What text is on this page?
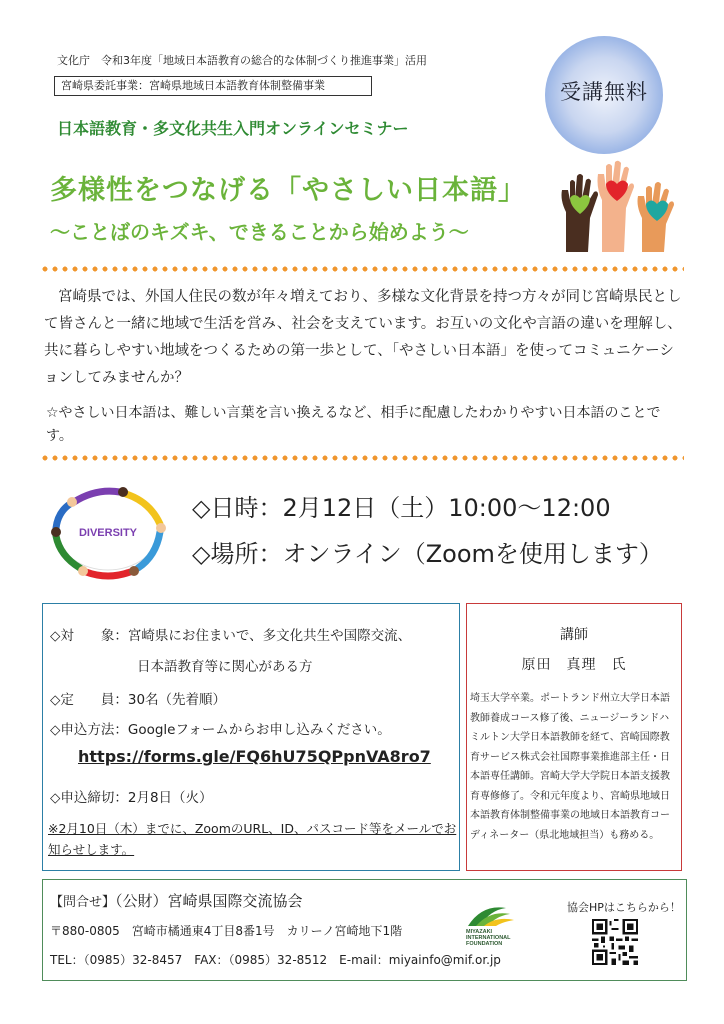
文化庁　令和3年度「地域日本語教育の総合的な体制づくり推進事業」活用
宮崎県委託事業：宮崎県地域日本語教育体制整備事業	受講無料
日本語教育・多文化共生入門オンラインセミナー
多様性をつなげる「やさしい日本語」
～ことばのキズキ、できることから始めよう～
宮崎県では、外国人住民の数が年々増えており、多様な文化背景を持つ方々が同じ宮崎県民として皆さんと一緒に地域で生活を営み、社会を支えています。お互いの文化や言語の違いを理解し、共に暮らしやすい地域をつくるための第一歩として、「やさしい日本語」を使ってコミュニケーションしてみませんか？
☆やさしい日本語は、難しい言葉を言い換えるなど、相手に配慮したわかりやすい日本語のことです。
DIVERSITY
◇日時：2月12日（土）10:00～12:00
◇場所：オンライン（Zoomを使用します）
◇対　　象：宮崎県にお住まいで、多文化共生や国際交流、
日本語教育等に関心がある方
◇定　　員：30名（先着順）
◇申込方法：Googleフォームからお申し込みください。
https://forms.gle/FQ6hU75QPpnVA8ro7
◇申込締切：2月8日（火）
※2月10日（木）までに、ZoomのURL、ID、パスコード等をメールでお知らせします。
講師
原田　真理　氏
埼玉大学卒業。ポートランド州立大学日本語教師養成コース修了後、ニュージーランドハミルトン大学日本語教師を経て、宮崎国際教育サービス株式会社国際事業推進部主任・日本語専任講師。宮崎大学大学院日本語支援教育専修修了。令和元年度より、宮崎県地域日本語教育体制整備事業の地域日本語教育コーディネーター（県北地域担当）も務める。
【問合せ】（公財）宮崎県国際交流協会
〒880-0805　宮崎市橘通東4丁目8番1号　カリーノ宮崎地下1階
TEL：（0985）32-8457　FAX：（0985）32-8512　E-mail：miyainfo@mif.or.jp
MIYAZAKI
INTERNATIONAL
FOUNDATION
協会HPはこちらから！
